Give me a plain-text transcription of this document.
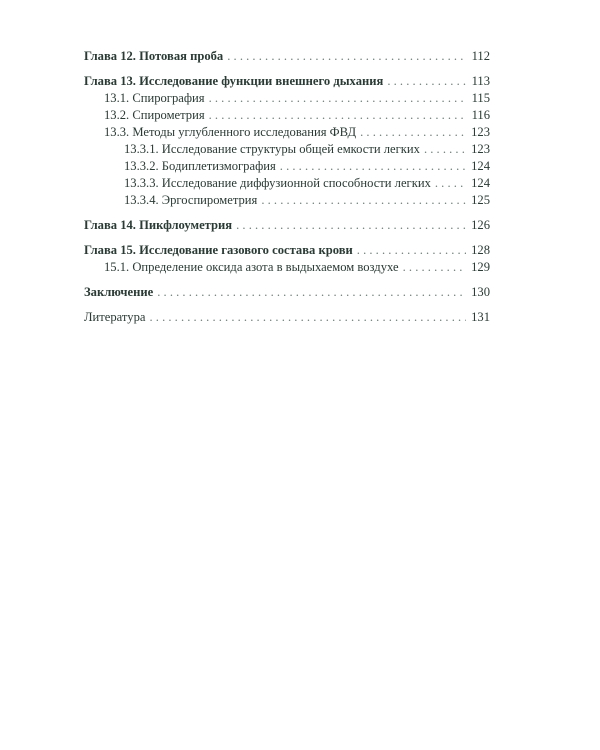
Глава 12. Потовая проба . . .	112
Глава 13. Исследование функции внешнего дыхания . . .	113
13.1. Спирография . . .	115
13.2. Спирометрия . . .	116
13.3. Методы углубленного исследования ФВД . . .	123
13.3.1. Исследование структуры общей емкости легких . . .	123
13.3.2. Бодиплетизмография . . .	124
13.3.3. Исследование диффузионной способности легких . . .	124
13.3.4. Эргоспирометрия . . .	125
Глава 14. Пикфлоуметрия . . .	126
Глава 15. Исследование газового состава крови . . .	128
15.1. Определение оксида азота в выдыхаемом воздухе . . .	129
Заключение . . .	130
Литература . . .	131
